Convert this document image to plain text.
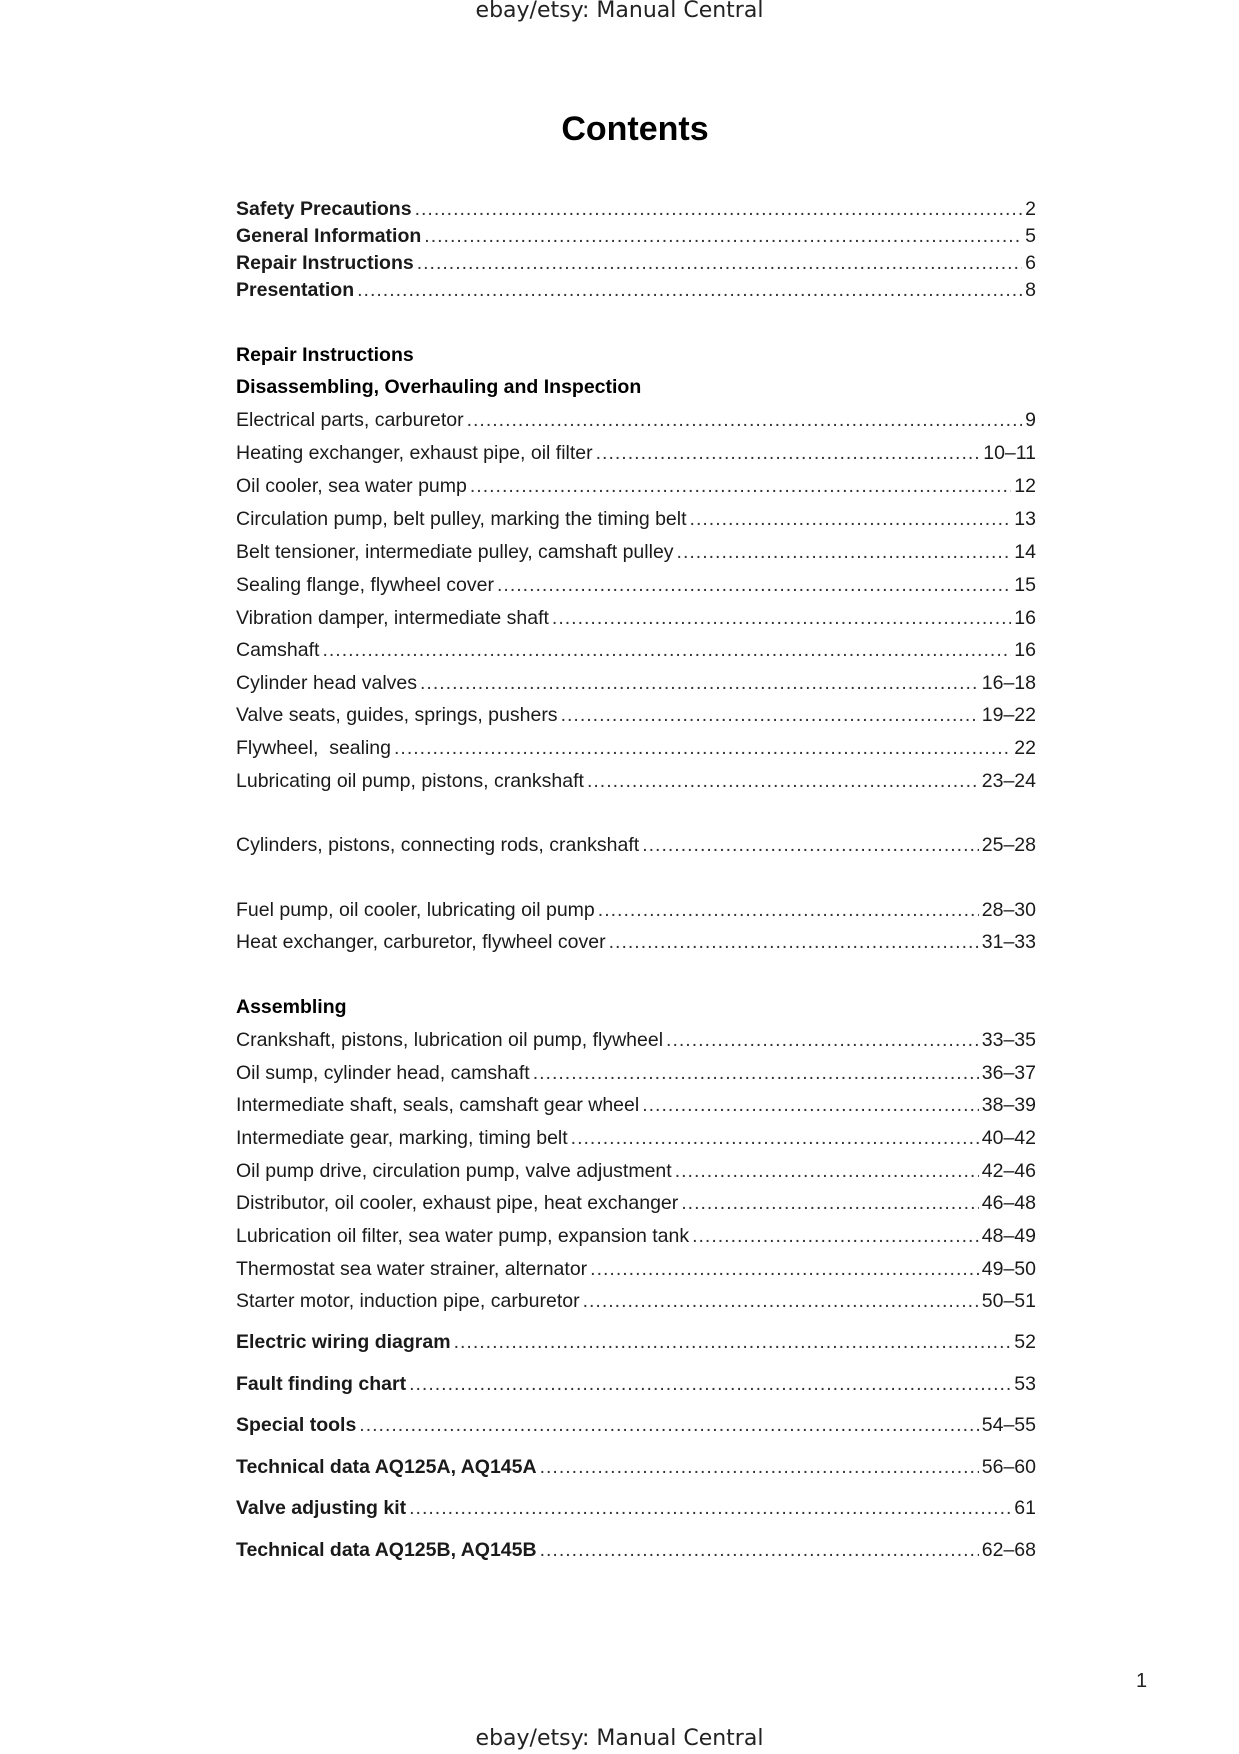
ebay/etsy: Manual Central
Contents
Safety Precautions .....	2
General Information .....	5
Repair Instructions .....	6
Presentation .....	8
Repair Instructions
Disassembling, Overhauling and Inspection
Electrical parts, carburetor .....	9
Heating exchanger, exhaust pipe, oil filter .....	10–11
Oil cooler, sea water pump .....	12
Circulation pump, belt pulley, marking the timing belt .....	13
Belt tensioner, intermediate pulley, camshaft pulley .....	14
Sealing flange, flywheel cover .....	15
Vibration damper, intermediate shaft .....	16
Camshaft .....	16
Cylinder head valves .....	16–18
Valve seats, guides, springs, pushers .....	19–22
Flywheel,  sealing .....	22
Lubricating oil pump, pistons, crankshaft .....	23–24
Cylinders, pistons, connecting rods, crankshaft .....	25–28
Fuel pump, oil cooler, lubricating oil pump .....	28–30
Heat exchanger, carburetor, flywheel cover .....	31–33
Assembling
Crankshaft, pistons, lubrication oil pump, flywheel .....	33–35
Oil sump, cylinder head, camshaft .....	36–37
Intermediate shaft, seals, camshaft gear wheel .....	38–39
Intermediate gear, marking, timing belt .....	40–42
Oil pump drive, circulation pump, valve adjustment .....	42–46
Distributor, oil cooler, exhaust pipe, heat exchanger .....	46–48
Lubrication oil filter, sea water pump, expansion tank .....	48–49
Thermostat sea water strainer, alternator .....	49–50
Starter motor, induction pipe, carburetor .....	50–51
Electric wiring diagram .....	52
Fault finding chart .....	53
Special tools .....	54–55
Technical data AQ125A, AQ145A .....	56–60
Valve adjusting kit .....	61
Technical data AQ125B, AQ145B .....	62–68
1
ebay/etsy: Manual Central
